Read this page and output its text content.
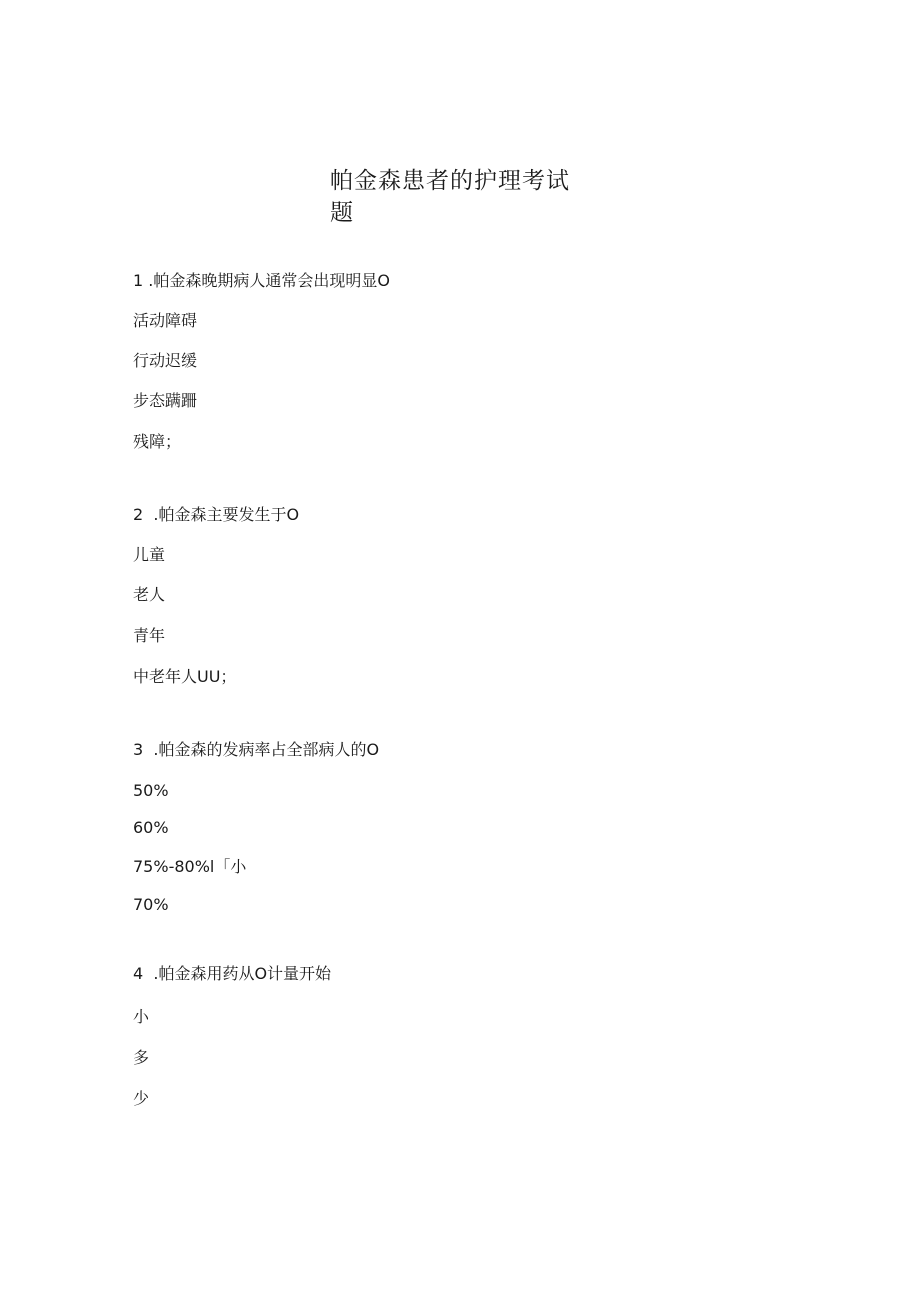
帕金森患者的护理考试题

1 .帕金森晚期病人通常会出现明显O

活动障碍

行动迟缓

步态蹒跚

残障；

2 .帕金森主要发生于O

儿童

老人

青年

中老年人UU；

3 .帕金森的发病率占全部病人的O

50%

60%

75%-80%l「小

70%

4 .帕金森用药从O计量开始

小

多

少
